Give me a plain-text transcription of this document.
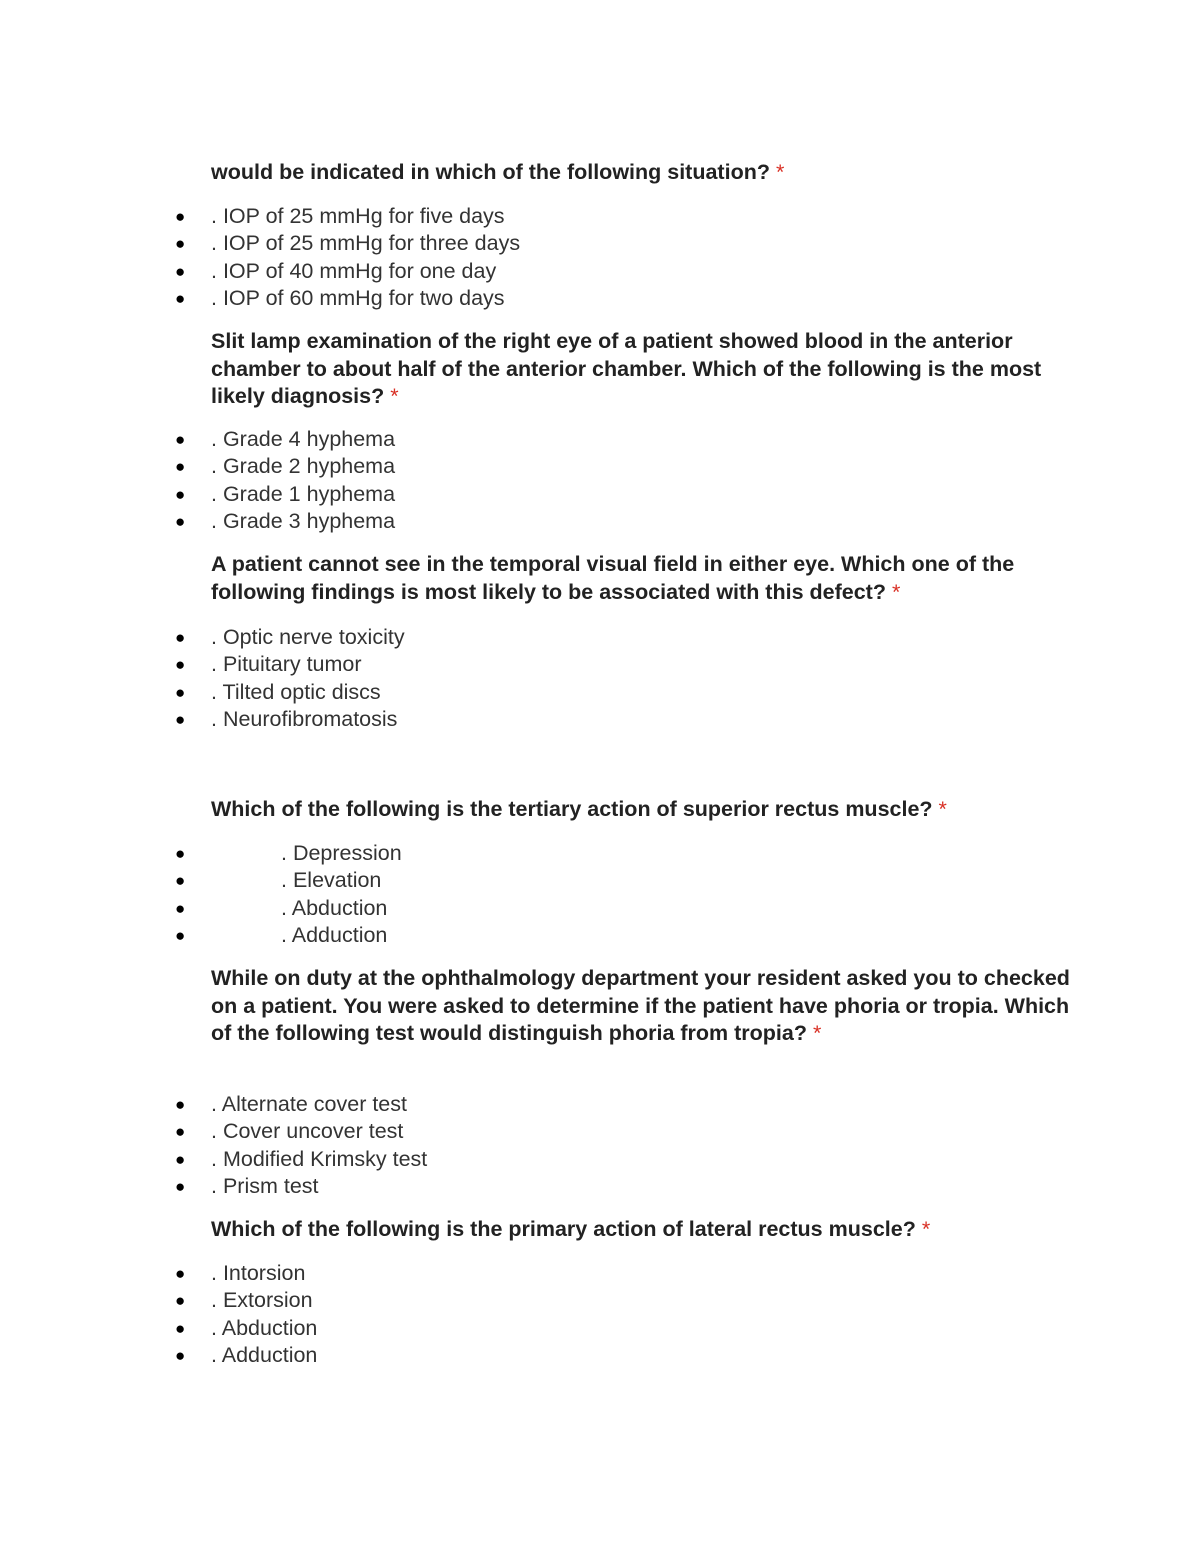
would be indicated in which of the following situation? *
● . IOP of 25 mmHg for five days
● . IOP of 25 mmHg for three days
● . IOP of 40 mmHg for one day
● . IOP of 60 mmHg for two days
Slit lamp examination of the right eye of a patient showed blood in the anterior chamber to about half of the anterior chamber. Which of the following is the most likely diagnosis? *
● . Grade 4 hyphema
● . Grade 2 hyphema
● . Grade 1 hyphema
● . Grade 3 hyphema
A patient cannot see in the temporal visual field in either eye. Which one of the following findings is most likely to be associated with this defect? *
● . Optic nerve toxicity
● . Pituitary tumor
● . Tilted optic discs
● . Neurofibromatosis
Which of the following is the tertiary action of superior rectus muscle? *
●	. Depression
●	. Elevation
●	. Abduction
●	. Adduction
While on duty at the ophthalmology department your resident asked you to checked on a patient. You were asked to determine if the patient have phoria or tropia. Which of the following test would distinguish phoria from tropia? *
● . Alternate cover test
● . Cover uncover test
● . Modified Krimsky test
● . Prism test
Which of the following is the primary action of lateral rectus muscle? *
● . Intorsion
● . Extorsion
● . Abduction
● . Adduction
